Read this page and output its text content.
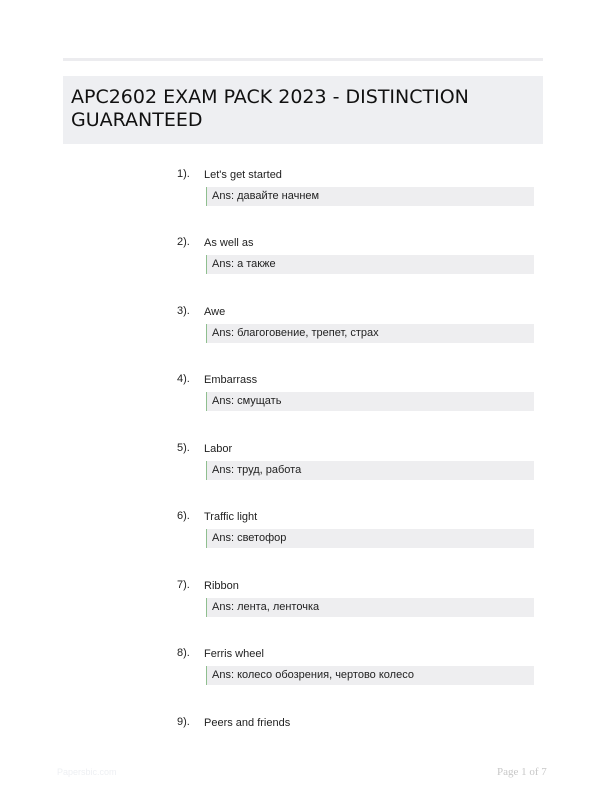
APC2602 EXAM PACK 2023 - DISTINCTION GUARANTEED
1). Let's get started
Ans: давайте начнем
2). As well as
Ans: а также
3). Awe
Ans: благоговение, трепет, страх
4). Embarrass
Ans: смущать
5). Labor
Ans: труд, работа
6). Traffic light
Ans: светофор
7). Ribbon
Ans: лента, ленточка
8). Ferris wheel
Ans: колесо обозрения, чертово колесо
9). Peers and friends
Papersbic.com	Page 1 of 7
